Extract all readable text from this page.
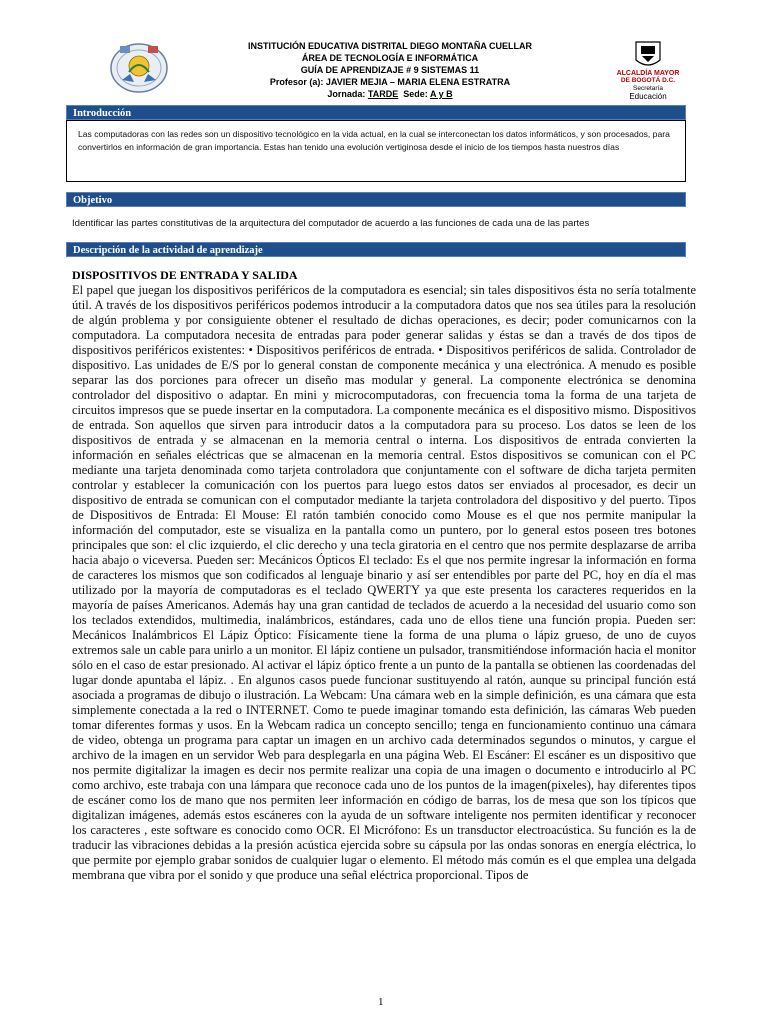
INSTITUCIÓN EDUCATIVA DISTRITAL DIEGO MONTAÑA CUELLAR
ÁREA DE TECNOLOGÍA E INFORMÁTICA
GUÍA DE APRENDIZAJE # 9 SISTEMAS 11
Profesor (a): JAVIER MEJIA – MARIA ELENA ESTRATRA
Jornada: TARDE  Sede: A y B
ALCALDÍA MAYOR
DE BOGOTÁ D.C.
Secretaría
Educación
Introducción
Las computadoras con las redes son un dispositivo tecnológico en la vida actual, en la cual se interconectan los datos informáticos, y son procesados, para convertirlos en información de gran importancia. Estas han tenido una evolución vertiginosa desde el inicio de los tiempos hasta nuestros días
Objetivo
Identificar las partes constitutivas de la arquitectura del computador de acuerdo a las funciones de cada una de las partes
Descripción de la actividad de aprendizaje
DISPOSITIVOS DE ENTRADA Y SALIDA
El papel que juegan los dispositivos periféricos de la computadora es esencial; sin tales dispositivos ésta no sería totalmente útil. A través de los dispositivos periféricos podemos introducir a la computadora datos que nos sea útiles para la resolución de algún problema y por consiguiente obtener el resultado de dichas operaciones, es decir; poder comunicarnos con la computadora. La computadora necesita de entradas para poder generar salidas y éstas se dan a través de dos tipos de dispositivos periféricos existentes: • Dispositivos periféricos de entrada. • Dispositivos periféricos de salida. Controlador de dispositivo. Las unidades de E/S por lo general constan de componente mecánica y una electrónica. A menudo es posible separar las dos porciones para ofrecer un diseño mas modular y general. La componente electrónica se denomina controlador del dispositivo o adaptar. En mini y microcomputadoras, con frecuencia toma la forma de una tarjeta de circuitos impresos que se puede insertar en la computadora. La componente mecánica es el dispositivo mismo. Dispositivos de entrada. Son aquellos que sirven para introducir datos a la computadora para su proceso. Los datos se leen de los dispositivos de entrada y se almacenan en la memoria central o interna. Los dispositivos de entrada convierten la información en señales eléctricas que se almacenan en la memoria central. Estos dispositivos se comunican con el PC mediante una tarjeta denominada como tarjeta controladora que conjuntamente con el software de dicha tarjeta permiten controlar y establecer la comunicación con los puertos para luego estos datos ser enviados al procesador, es decir un dispositivo de entrada se comunican con el computador mediante la tarjeta controladora del dispositivo y del puerto. Tipos de Dispositivos de Entrada: El Mouse: El ratón también conocido como Mouse es el que nos permite manipular la información del computador, este se visualiza en la pantalla como un puntero, por lo general estos poseen tres botones principales que son: el clic izquierdo, el clic derecho y una tecla giratoria en el centro que nos permite desplazarse de arriba hacia abajo o viceversa. Pueden ser: Mecánicos Ópticos El teclado: Es el que nos permite ingresar la información en forma de caracteres los mismos que son codificados al lenguaje binario y así ser entendibles por parte del PC, hoy en día el mas utilizado por la mayoría de computadoras es el teclado QWERTY ya que este presenta los caracteres requeridos en la mayoría de países Americanos. Además hay una gran cantidad de teclados de acuerdo a la necesidad del usuario como son los teclados extendidos, multimedia, inalámbricos, estándares, cada uno de ellos tiene una función propia. Pueden ser: Mecánicos Inalámbricos El Lápiz Óptico: Físicamente tiene la forma de una pluma o lápiz grueso, de uno de cuyos extremos sale un cable para unirlo a un monitor. El lápiz contiene un pulsador, transmitiéndose información hacia el monitor sólo en el caso de estar presionado. Al activar el lápiz óptico frente a un punto de la pantalla se obtienen las coordenadas del lugar donde apuntaba el lápiz. . En algunos casos puede funcionar sustituyendo al ratón, aunque su principal función está asociada a programas de dibujo o ilustración. La Webcam: Una cámara web en la simple definición, es una cámara que esta simplemente conectada a la red o INTERNET. Como te puede imaginar tomando esta definición, las cámaras Web pueden tomar diferentes formas y usos. En la Webcam radica un concepto sencillo; tenga en funcionamiento continuo una cámara de video, obtenga un programa para captar un imagen en un archivo cada determinados segundos o minutos, y cargue el archivo de la imagen en un servidor Web para desplegarla en una página Web. El Escáner: El escáner es un dispositivo que nos permite digitalizar la imagen es decir nos permite realizar una copia de una imagen o documento e introducirlo al PC como archivo, este trabaja con una lámpara que reconoce cada uno de los puntos de la imagen(pixeles), hay diferentes tipos de escáner como los de mano que nos permiten leer información en código de barras, los de mesa que son los típicos que digitalizan imágenes, además estos escáneres con la ayuda de un software inteligente nos permiten identificar y reconocer los caracteres , este software es conocido como OCR. El Micrófono: Es un transductor electroacústica. Su función es la de traducir las vibraciones debidas a la presión acústica ejercida sobre su cápsula por las ondas sonoras en energía eléctrica, lo que permite por ejemplo grabar sonidos de cualquier lugar o elemento. El método más común es el que emplea una delgada membrana que vibra por el sonido y que produce una señal eléctrica proporcional. Tipos de
1
